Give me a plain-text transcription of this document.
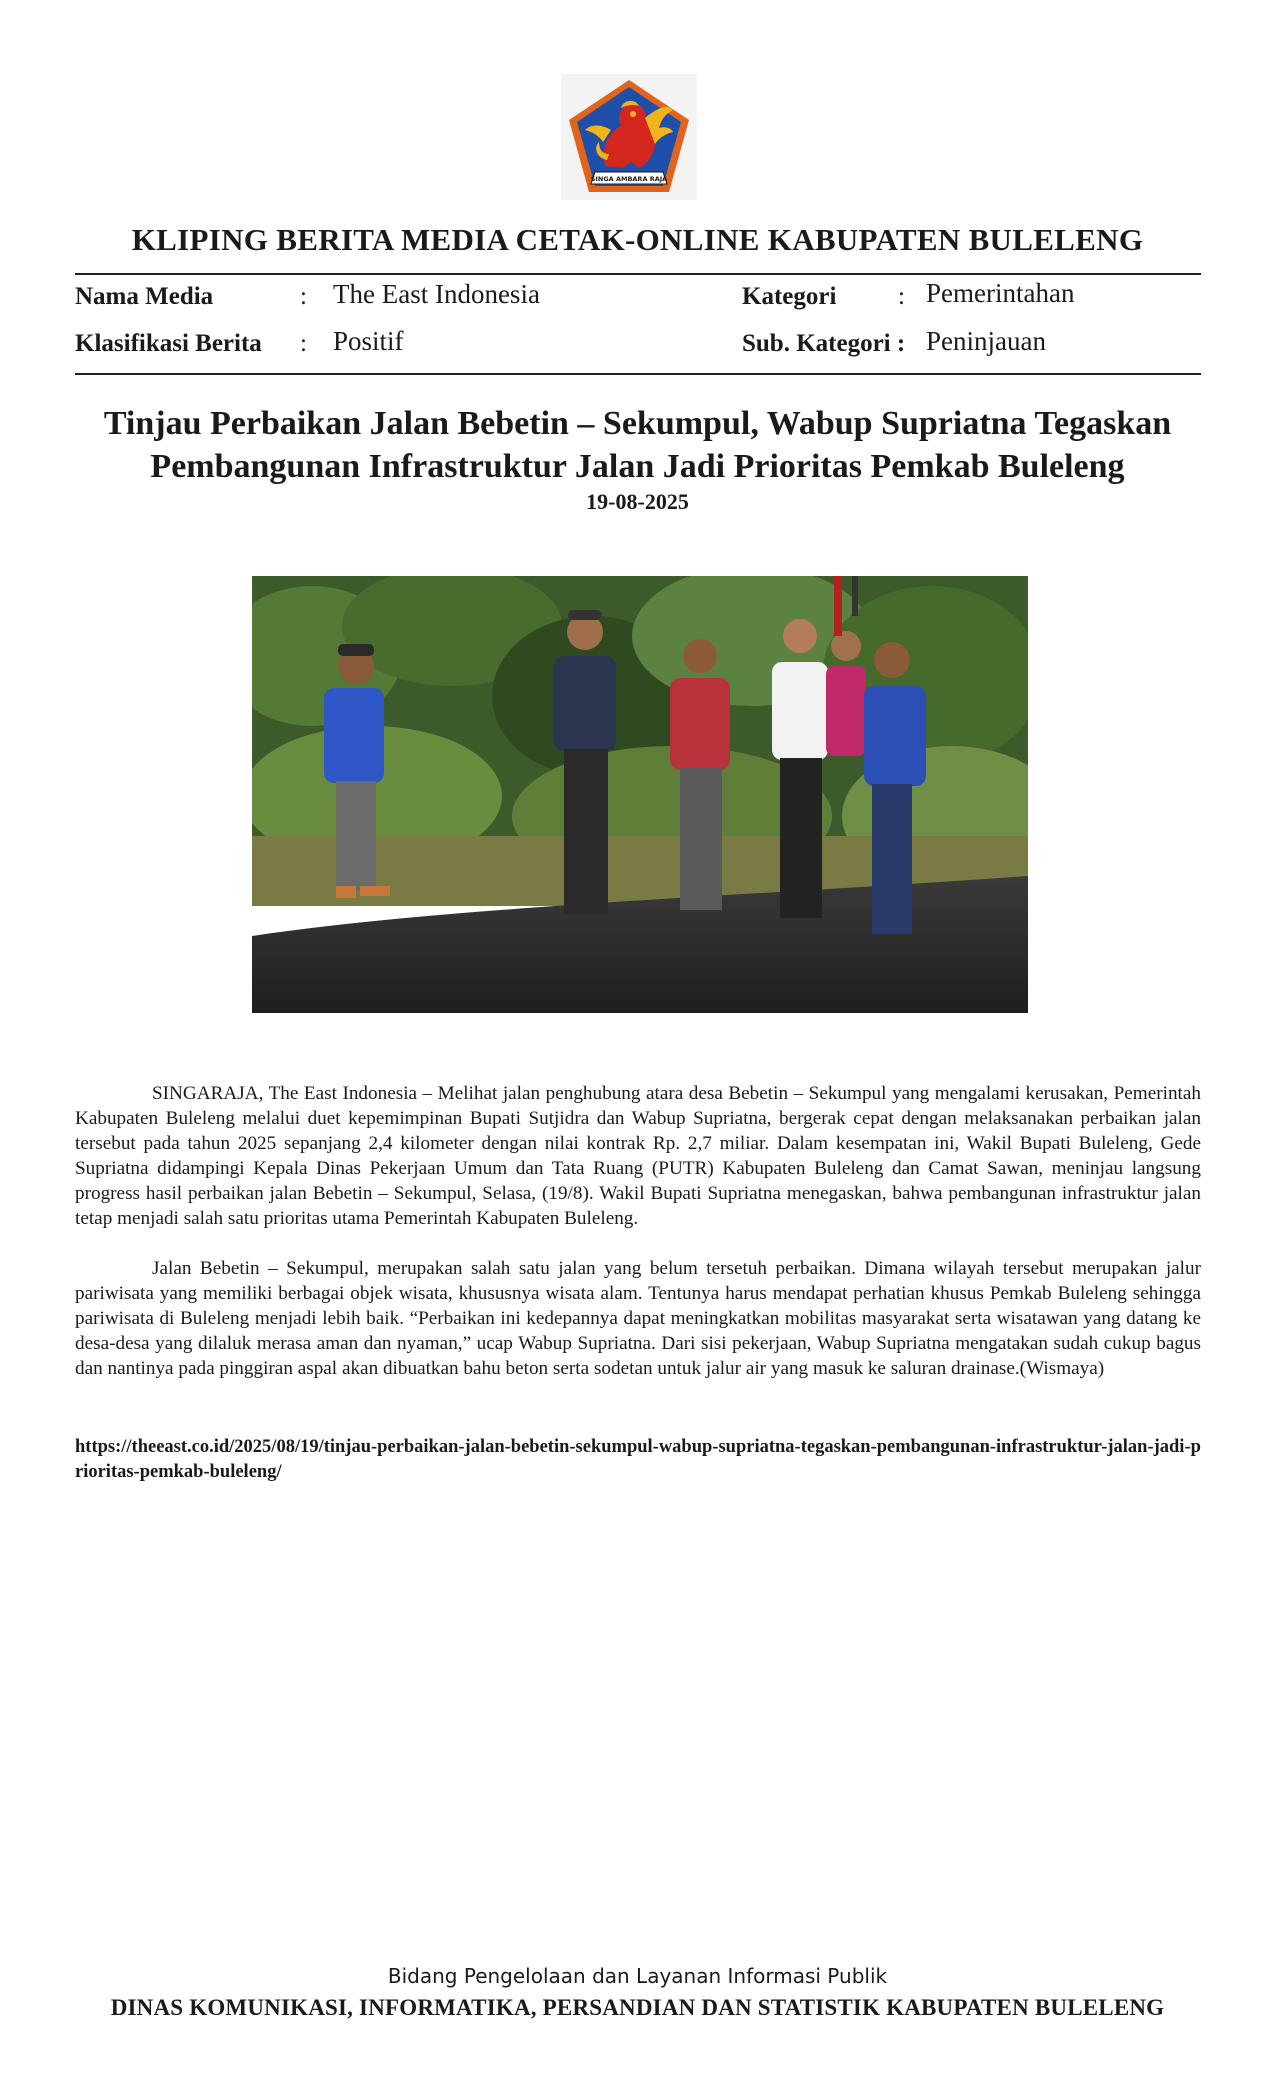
SINGA AMBARA RAJA
KLIPING BERITA MEDIA CETAK-ONLINE KABUPATEN BULELENG
Nama Media	: The East Indonesia	Kategori : Pemerintahan
Klasifikasi Berita : Positif	Sub. Kategori : Peninjauan
Tinjau Perbaikan Jalan Bebetin – Sekumpul, Wabup Supriatna Tegaskan
Pembangunan Infrastruktur Jalan Jadi Prioritas Pemkab Buleleng
19-08-2025

SINGARAJA, The East Indonesia – Melihat jalan penghubung atara desa Bebetin – Sekumpul yang mengalami kerusakan, Pemerintah Kabupaten Buleleng melalui duet kepemimpinan Bupati Sutjidra dan Wabup Supriatna, bergerak cepat dengan melaksanakan perbaikan jalan tersebut pada tahun 2025 sepanjang 2,4 kilometer dengan nilai kontrak Rp. 2,7 miliar. Dalam kesempatan ini, Wakil Bupati Buleleng, Gede Supriatna didampingi Kepala Dinas Pekerjaan Umum dan Tata Ruang (PUTR) Kabupaten Buleleng dan Camat Sawan, meninjau langsung progress hasil perbaikan jalan Bebetin – Sekumpul, Selasa, (19/8). Wakil Bupati Supriatna menegaskan, bahwa pembangunan infrastruktur jalan tetap menjadi salah satu prioritas utama Pemerintah Kabupaten Buleleng.

Jalan Bebetin – Sekumpul, merupakan salah satu jalan yang belum tersetuh perbaikan. Dimana wilayah tersebut merupakan jalur pariwisata yang memiliki berbagai objek wisata, khususnya wisata alam. Tentunya harus mendapat perhatian khusus Pemkab Buleleng sehingga pariwisata di Buleleng menjadi lebih baik. “Perbaikan ini kedepannya dapat meningkatkan mobilitas masyarakat serta wisatawan yang datang ke desa-desa yang dilaluk merasa aman dan nyaman,” ucap Wabup Supriatna. Dari sisi pekerjaan, Wabup Supriatna mengatakan sudah cukup bagus dan nantinya pada pinggiran aspal akan dibuatkan bahu beton serta sodetan untuk jalur air yang masuk ke saluran drainase.(Wismaya)

https://theeast.co.id/2025/08/19/tinjau-perbaikan-jalan-bebetin-sekumpul-wabup-supriatna-tegaskan-pembangunan-infrastruktur-jalan-jadi-prioritas-pemkab-buleleng/
Bidang Pengelolaan dan Layanan Informasi Publik
DINAS KOMUNIKASI, INFORMATIKA, PERSANDIAN DAN STATISTIK KABUPATEN BULELENG
